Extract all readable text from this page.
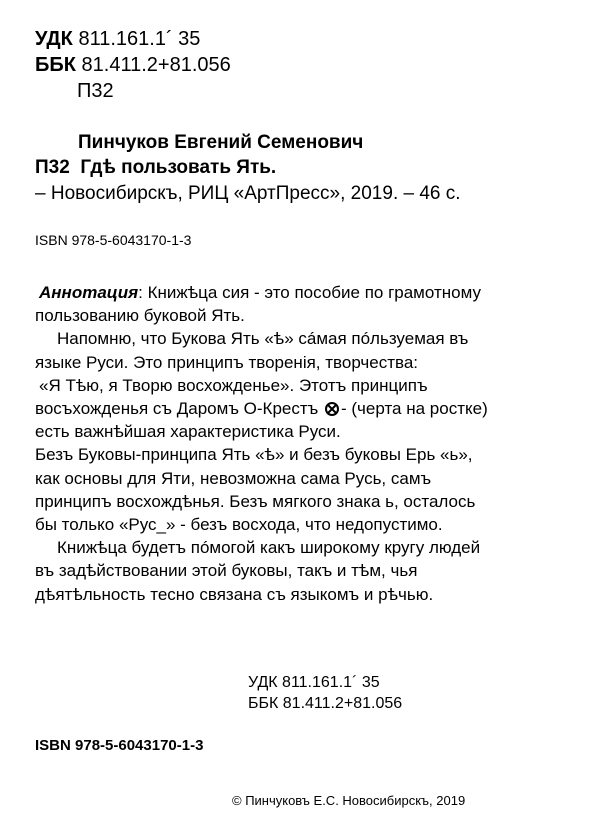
УДК 811.161.1´ 35
ББК 81.411.2+81.056
П32
Пинчуков Евгений Семенович
П32 Гдѣ пользовать Ять.
– Новосибирскъ, РИЦ «АртПресс», 2019. – 46 с.
ISBN 978-5-6043170-1-3
Аннотация: Книжѣца сия - это пособие по грамотному
пользованию буковой Ять.
Напомню, что Букова Ять «ѣ» сáмая пóльзуемая въ
языке Руси. Это принципъ творенiя, творчества:
«Я Тѣю, я Творю восхожденье». Этотъ принципъ
восъхожденья съ Даромъ О-Крестъ - (черта на ростке)
есть важнѣйшая характеристика Руси.
Безъ Буковы-принципа Ять «ѣ» и безъ буковы Ерь «ь»,
как основы для Яти, невозможна сама Русь, самъ
принципъ восхождѣнья. Безъ мягкого знака ь, осталось
бы только «Рус_» - безъ восхода, что недопустимо.
Книжѣца будетъ пóмогой какъ широкому кругу людей
въ задѣйствовании этой буковы, такъ и тѣм, чья
дѣятѣльность тесно связана съ языкомъ и рѣчью.
УДК 811.161.1´ 35
ББК 81.411.2+81.056
ISBN 978-5-6043170-1-3
© Пинчуковъ Е.С. Новосибирскъ, 2019
